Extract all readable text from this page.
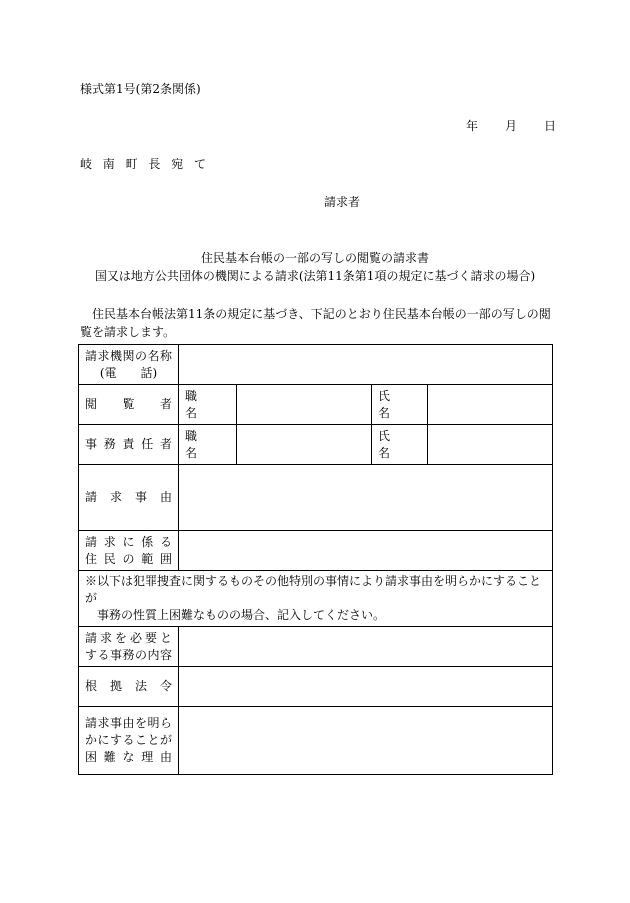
様式第1号(第2条関係)
年 月 日
岐南町長宛て
請求者
住民基本台帳の一部の写しの閲覧の請求書
国又は地方公共団体の機関による請求(法第11条第1項の規定に基づく請求の場合)
住民基本台帳法第11条の規定に基づき、下記のとおり住民基本台帳の一部の写しの閲覧を請求します。
請求機関の名称
(電　　話)				

閲覧者	職　　名		氏　　名	

事務責任者	職　　名		氏　　名	

請求事由				

請求に係る
住民の範囲				

※以下は犯罪捜査に関するものその他特別の事情により請求事由を明らかにすることが
事務の性質上困難なものの場合、記入してください。				

請求を必要と
する事務の内容				

根拠法令				

請求事由を明ら
かにすることが
困難な理由				
